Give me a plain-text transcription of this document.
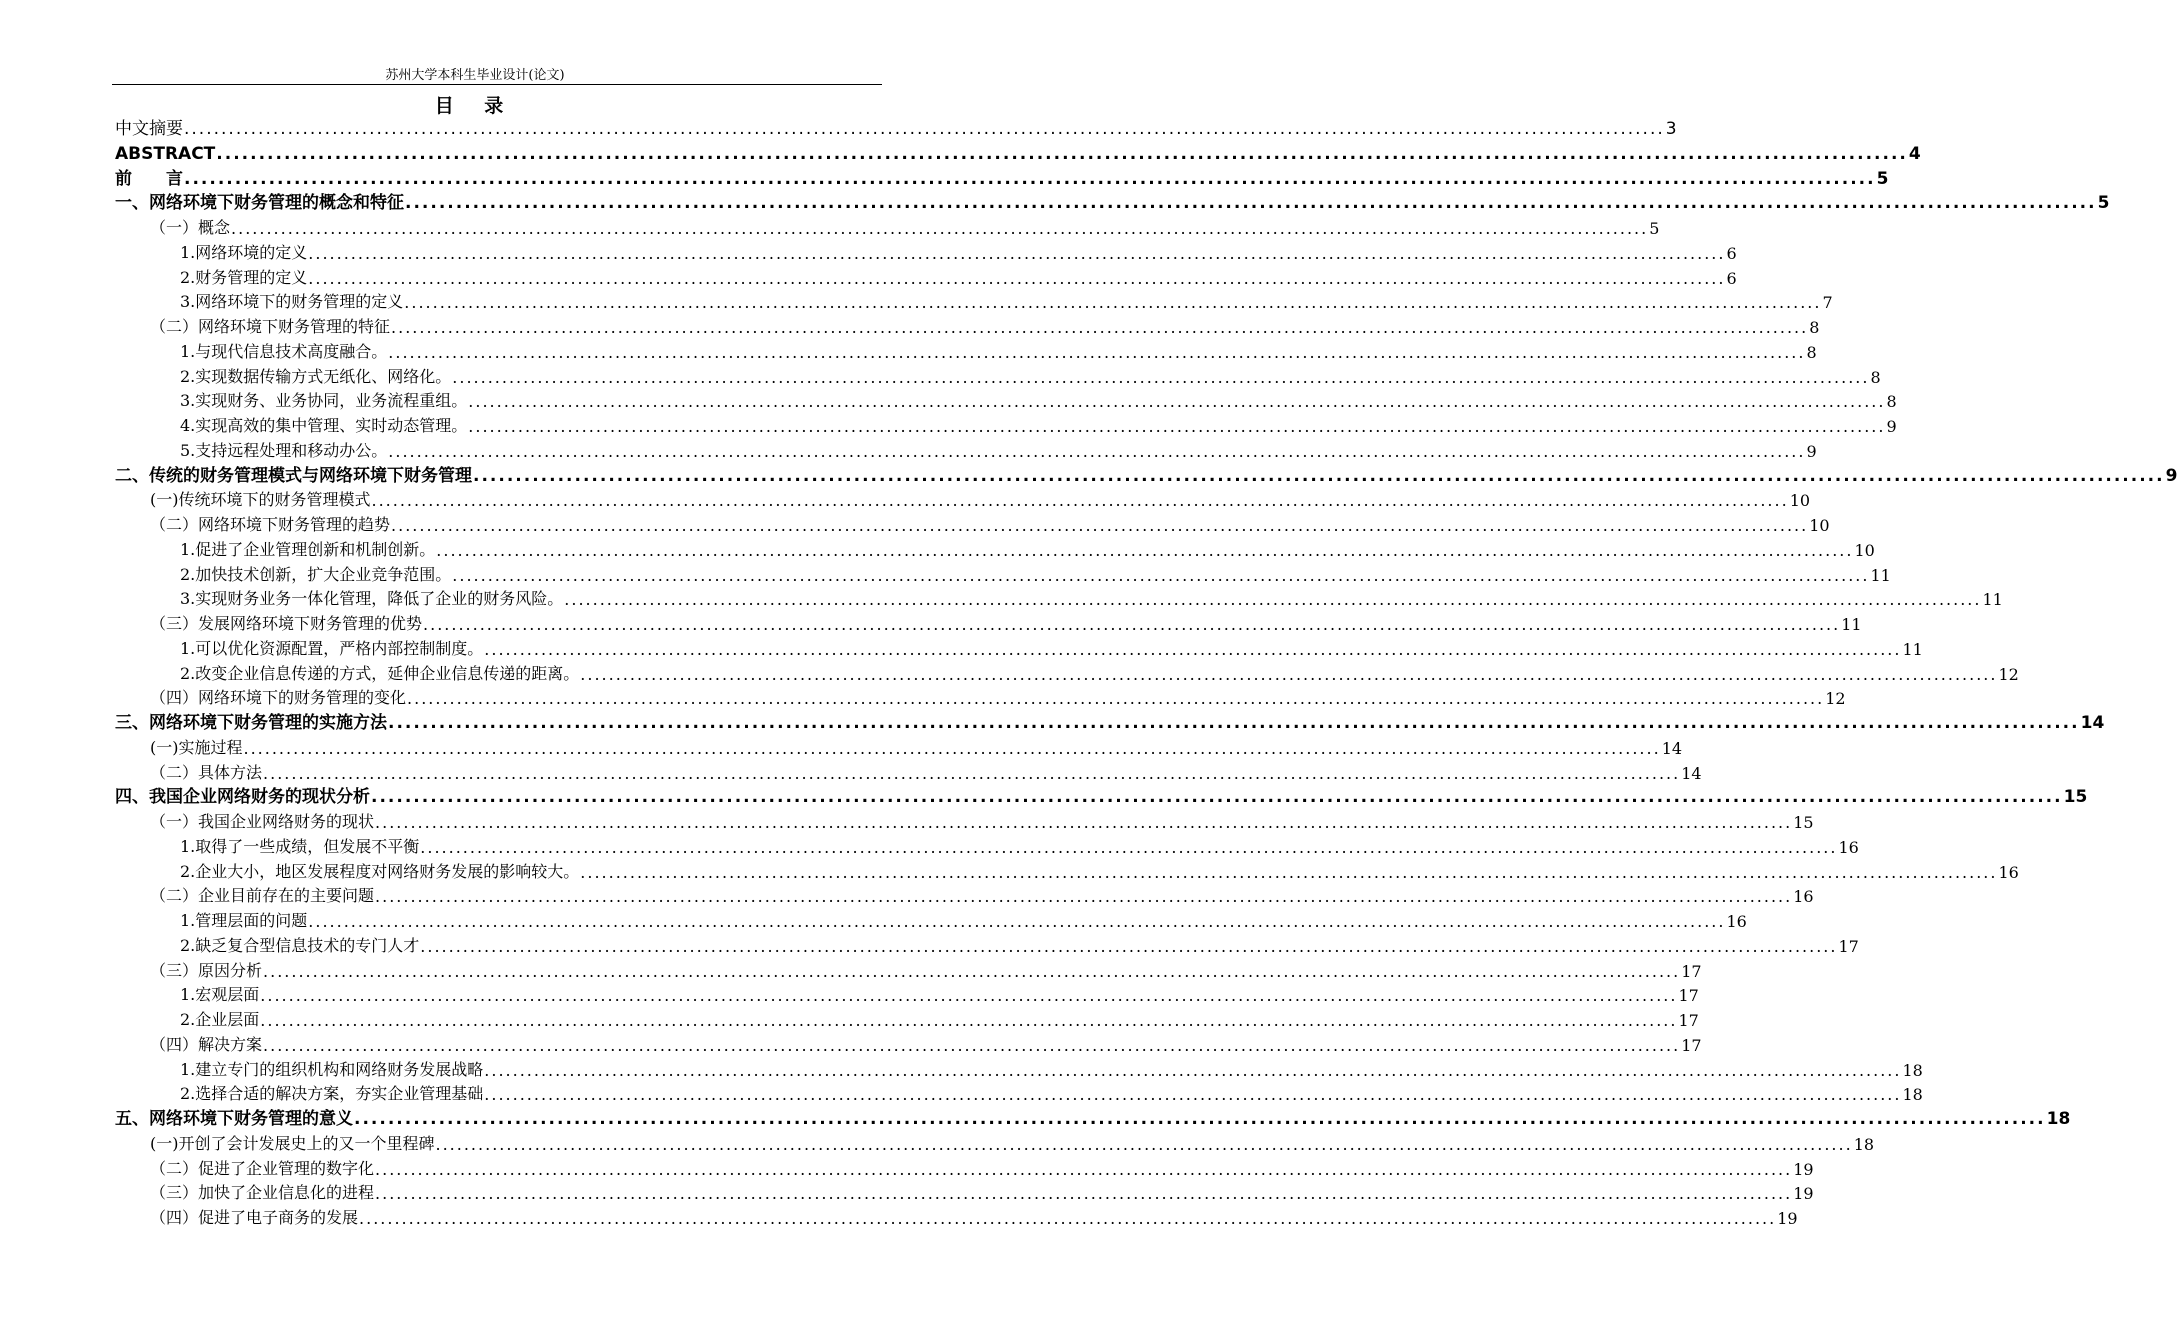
苏州大学本科生毕业设计(论文)
目 录
中文摘要 ........................................................................................................................................................................................................ 3
ABSTRACT ........................................................................................................................................................................................................ 4
前　　言 ........................................................................................................................................................................................................ 5
一、网络环境下财务管理的概念和特征 ........................................................................................................................................................................................................ 5
（一）概念 ........................................................................................................................................................................................................ 5
1.网络环境的定义 ........................................................................................................................................................................................................ 6
2.财务管理的定义 ........................................................................................................................................................................................................ 6
3.网络环境下的财务管理的定义 ........................................................................................................................................................................................................ 7
（二）网络环境下财务管理的特征 ........................................................................................................................................................................................................ 8
1.与现代信息技术高度融合。 ........................................................................................................................................................................................................ 8
2.实现数据传输方式无纸化、网络化。 ........................................................................................................................................................................................................ 8
3.实现财务、业务协同，业务流程重组。 ........................................................................................................................................................................................................ 8
4.实现高效的集中管理、实时动态管理。 ........................................................................................................................................................................................................ 9
5.支持远程处理和移动办公。 ........................................................................................................................................................................................................ 9
二、传统的财务管理模式与网络环境下财务管理 ........................................................................................................................................................................................................ 9
(一)传统环境下的财务管理模式 ........................................................................................................................................................................................................ 10
（二）网络环境下财务管理的趋势 ........................................................................................................................................................................................................ 10
1.促进了企业管理创新和机制创新。 ........................................................................................................................................................................................................ 10
2.加快技术创新，扩大企业竞争范围。 ........................................................................................................................................................................................................ 11
3.实现财务业务一体化管理，降低了企业的财务风险。 ........................................................................................................................................................................................................ 11
（三）发展网络环境下财务管理的优势 ........................................................................................................................................................................................................ 11
1.可以优化资源配置，严格内部控制制度。 ........................................................................................................................................................................................................ 11
2.改变企业信息传递的方式，延伸企业信息传递的距离。 ........................................................................................................................................................................................................ 12
（四）网络环境下的财务管理的变化 ........................................................................................................................................................................................................ 12
三、网络环境下财务管理的实施方法 ........................................................................................................................................................................................................ 14
(一)实施过程 ........................................................................................................................................................................................................ 14
（二）具体方法 ........................................................................................................................................................................................................ 14
四、我国企业网络财务的现状分析 ........................................................................................................................................................................................................ 15
（一）我国企业网络财务的现状 ........................................................................................................................................................................................................ 15
1.取得了一些成绩，但发展不平衡 ........................................................................................................................................................................................................ 16
2.企业大小，地区发展程度对网络财务发展的影响较大。 ........................................................................................................................................................................................................ 16
（二）企业目前存在的主要问题 ........................................................................................................................................................................................................ 16
1.管理层面的问题 ........................................................................................................................................................................................................ 16
2.缺乏复合型信息技术的专门人才 ........................................................................................................................................................................................................ 17
（三）原因分析 ........................................................................................................................................................................................................ 17
1.宏观层面 ........................................................................................................................................................................................................ 17
2.企业层面 ........................................................................................................................................................................................................ 17
（四）解决方案 ........................................................................................................................................................................................................ 17
1.建立专门的组织机构和网络财务发展战略 ........................................................................................................................................................................................................ 18
2.选择合适的解决方案，夯实企业管理基础 ........................................................................................................................................................................................................ 18
五、网络环境下财务管理的意义 ........................................................................................................................................................................................................ 18
(一)开创了会计发展史上的又一个里程碑 ........................................................................................................................................................................................................ 18
（二）促进了企业管理的数字化 ........................................................................................................................................................................................................ 19
（三）加快了企业信息化的进程 ........................................................................................................................................................................................................ 19
（四）促进了电子商务的发展 ........................................................................................................................................................................................................ 19
